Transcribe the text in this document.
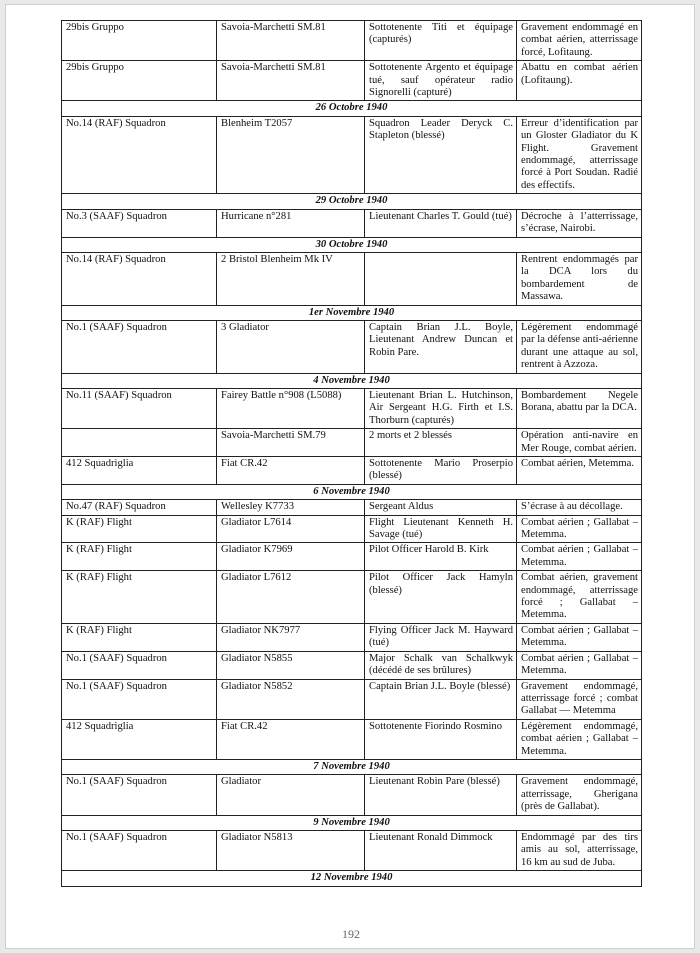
29bis Gruppo	Savoia-Marchetti SM.81	Sottotenente Titi et équipage (capturés)	Gravement endommagé en combat aérien, atterrissage forcé, Lofitaung.
29bis Gruppo	Savoia-Marchetti SM.81	Sottotenente Argento et équipage tué, sauf opérateur radio Signorelli (capturé)	Abattu en combat aérien (Lofitaung).
26 Octobre 1940			
No.14 (RAF) Squadron	Blenheim T2057	Squadron Leader Deryck C. Stapleton (blessé)	Erreur d’identification par un Gloster Gladiator du K Flight. Gravement endommagé, atterrissage forcé à Port Soudan. Radié des effectifs.
29 Octobre 1940			
No.3 (SAAF) Squadron	Hurricane n°281	Lieutenant Charles T. Gould (tué)	Décroche à l’atterrissage, s’écrase, Nairobi.
30 Octobre 1940			
No.14 (RAF) Squadron	2 Bristol Blenheim Mk IV		Rentrent endommagés par la DCA lors du bombardement de Massawa.
1er Novembre 1940			
No.1 (SAAF) Squadron	3 Gladiator	Captain Brian J.L. Boyle, Lieutenant Andrew Duncan et Robin Pare.	Légèrement endommagé par la défense anti-aérienne durant une attaque au sol, rentrent à Azzoza.
4 Novembre 1940			
No.11 (SAAF) Squadron	Fairey Battle n°908 (L5088)	Lieutenant Brian L. Hutchinson, Air Sergeant H.G. Firth et I.S. Thorburn (capturés)	Bombardement Negele Borana, abattu par la DCA.
	Savoia-Marchetti SM.79	2 morts et 2 blessés	Opération anti-navire en Mer Rouge, combat aérien.
412 Squadriglia	Fiat CR.42	Sottotenente Mario Proserpio (blessé)	Combat aérien, Metemma.
6 Novembre 1940			
No.47 (RAF) Squadron	Wellesley K7733	Sergeant Aldus	S’écrase à au décollage.
K (RAF) Flight	Gladiator L7614	Flight Lieutenant Kenneth H. Savage (tué)	Combat aérien ; Gallabat – Metemma.
K (RAF) Flight	Gladiator K7969	Pilot Officer Harold B. Kirk	Combat aérien ; Gallabat – Metemma.
K (RAF) Flight	Gladiator L7612	Pilot Officer Jack Hamyln (blessé)	Combat aérien, gravement endommagé, atterrissage forcé ; Gallabat – Metemma.
K (RAF) Flight	Gladiator NK7977	Flying Officer Jack M. Hayward (tué)	Combat aérien ; Gallabat – Metemma.
No.1 (SAAF) Squadron	Gladiator N5855	Major Schalk van Schalkwyk (décédé de ses brûlures)	Combat aérien ; Gallabat – Metemma.
No.1 (SAAF) Squadron	Gladiator N5852	Captain Brian J.L. Boyle (blessé)	Gravement endommagé, atterrissage forcé ; combat Gallabat — Metemma
412 Squadriglia	Fiat CR.42	Sottotenente Fiorindo Rosmino	Légèrement endommagé, combat aérien ; Gallabat – Metemma.
7 Novembre 1940			
No.1 (SAAF) Squadron	Gladiator	Lieutenant Robin Pare (blessé)	Gravement endommagé, atterrissage, Gherigana (près de Gallabat).
9 Novembre 1940			
No.1 (SAAF) Squadron	Gladiator N5813	Lieutenant Ronald Dimmock	Endommagé par des tirs amis au sol, atterrissage, 16 km au sud de Juba.
12 Novembre 1940			
192
